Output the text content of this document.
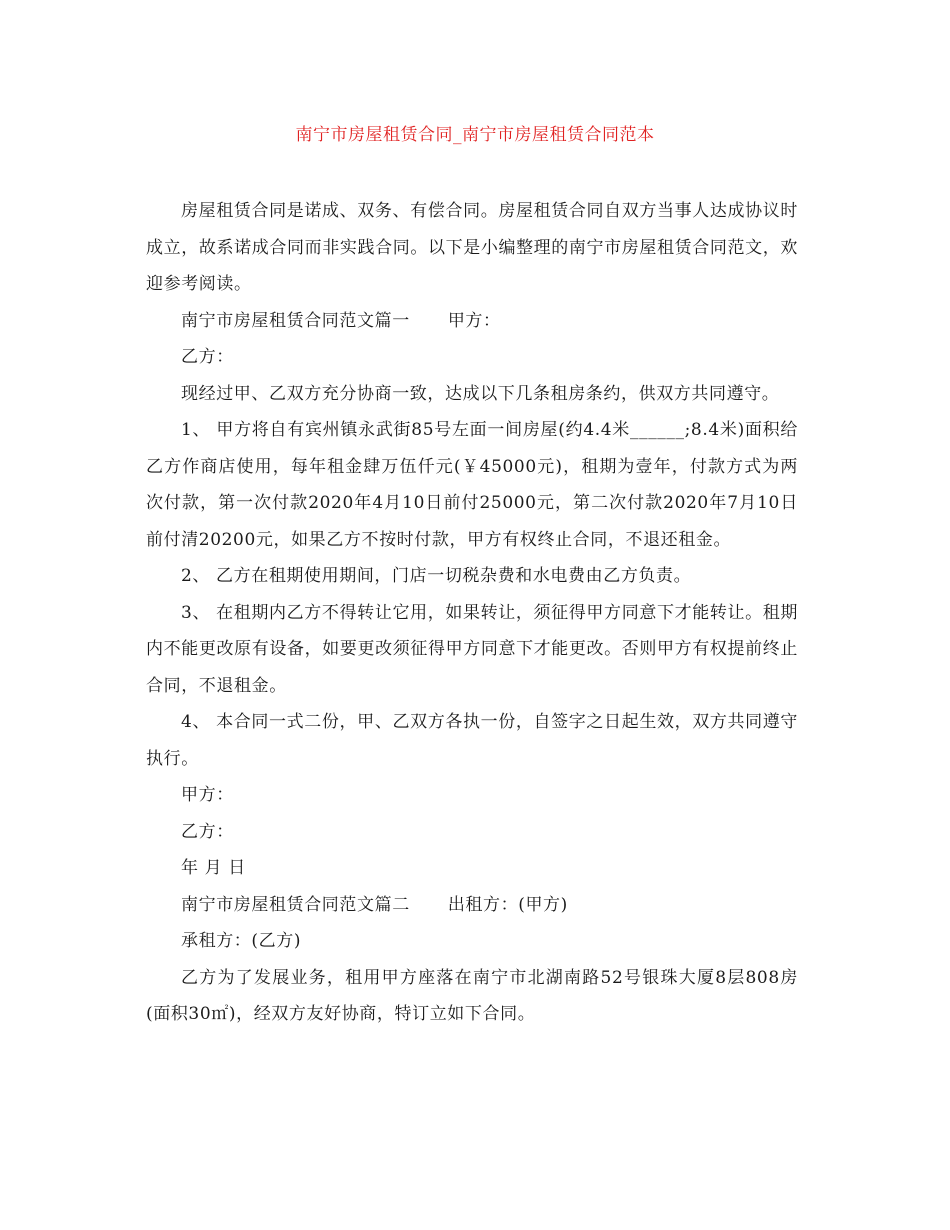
南宁市房屋租赁合同_南宁市房屋租赁合同范本

房屋租赁合同是诺成、双务、有偿合同。房屋租赁合同自双方当事人达成协议时成立，故系诺成合同而非实践合同。以下是小编整理的南宁市房屋租赁合同范文，欢迎参考阅读。

南宁市房屋租赁合同范文篇一 甲方：

乙方：

现经过甲、乙双方充分协商一致，达成以下几条租房条约，供双方共同遵守。

1、 甲方将自有宾州镇永武街85号左面一间房屋(约4.4米______;8.4米)面积给乙方作商店使用，每年租金肆万伍仟元(￥45000元)，租期为壹年，付款方式为两次付款，第一次付款2020年4月10日前付25000元，第二次付款2020年7月10日前付清20200元，如果乙方不按时付款，甲方有权终止合同，不退还租金。

2、 乙方在租期使用期间，门店一切税杂费和水电费由乙方负责。

3、 在租期内乙方不得转让它用，如果转让，须征得甲方同意下才能转让。租期内不能更改原有设备，如要更改须征得甲方同意下才能更改。否则甲方有权提前终止合同，不退租金。

4、 本合同一式二份，甲、乙双方各执一份，自签字之日起生效，双方共同遵守执行。

甲方：

乙方：

年 月 日

南宁市房屋租赁合同范文篇二 出租方：(甲方)

承租方：(乙方)

乙方为了发展业务，租用甲方座落在南宁市北湖南路52号银珠大厦8层808房(面积30㎡)，经双方友好协商，特订立如下合同。
